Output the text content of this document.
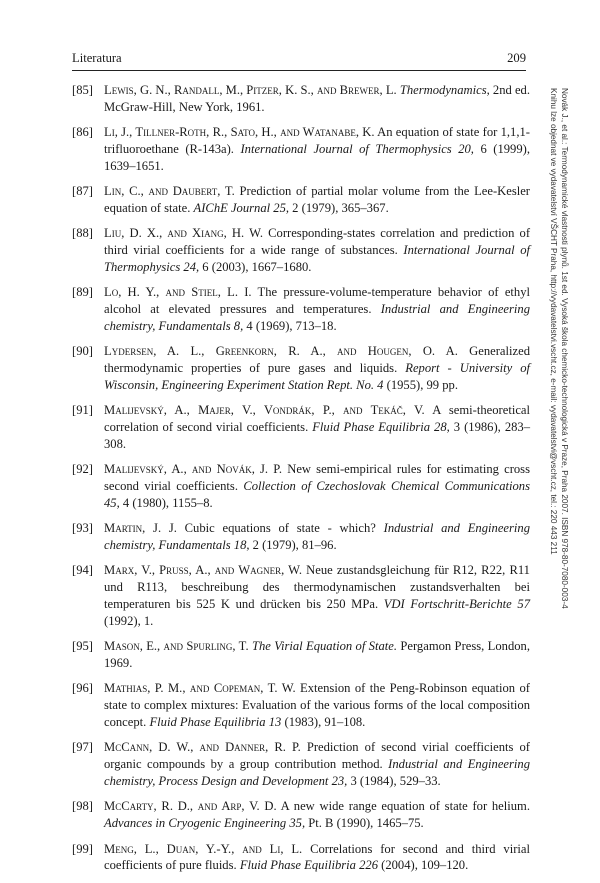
Literatura	209
[85] Lewis, G. N., Randall, M., Pitzer, K. S., and Brewer, L. Thermodynamics, 2nd ed. McGraw-Hill, New York, 1961.
[86] Li, J., Tillner-Roth, R., Sato, H., and Watanabe, K. An equation of state for 1,1,1-trifluoroethane (R-143a). International Journal of Thermophysics 20, 6 (1999), 1639–1651.
[87] Lin, C., and Daubert, T. Prediction of partial molar volume from the Lee-Kesler equation of state. AIChE Journal 25, 2 (1979), 365–367.
[88] Liu, D. X., and Xiang, H. W. Corresponding-states correlation and prediction of third virial coefficients for a wide range of substances. International Journal of Thermophysics 24, 6 (2003), 1667–1680.
[89] Lo, H. Y., and Stiel, L. I. The pressure-volume-temperature behavior of ethyl alcohol at elevated pressures and temperatures. Industrial and Engineering chemistry, Fundamentals 8, 4 (1969), 713–18.
[90] Lydersen, A. L., Greenkorn, R. A., and Hougen, O. A. Generalized thermodynamic properties of pure gases and liquids. Report - University of Wisconsin, Engineering Experiment Station Rept. No. 4 (1955), 99 pp.
[91] Malijevský, A., Majer, V., Vondrák, P., and Tekáč, V. A semi-theoretical correlation of second virial coefficients. Fluid Phase Equilibria 28, 3 (1986), 283–308.
[92] Malijevský, A., and Novák, J. P. New semi-empirical rules for estimating cross second virial coefficients. Collection of Czechoslovak Chemical Communications 45, 4 (1980), 1155–8.
[93] Martin, J. J. Cubic equations of state - which? Industrial and Engineering chemistry, Fundamentals 18, 2 (1979), 81–96.
[94] Marx, V., Pruss, A., and Wagner, W. Neue zustandsgleichung für R12, R22, R11 und R113, beschreibung des thermodynamischen zustandsverhalten bei temperaturen bis 525 K und drücken bis 250 MPa. VDI Fortschritt-Berichte 57 (1992), 1.
[95] Mason, E., and Spurling, T. The Virial Equation of State. Pergamon Press, London, 1969.
[96] Mathias, P. M., and Copeman, T. W. Extension of the Peng-Robinson equation of state to complex mixtures: Evaluation of the various forms of the local composition concept. Fluid Phase Equilibria 13 (1983), 91–108.
[97] McCann, D. W., and Danner, R. P. Prediction of second virial coefficients of organic compounds by a group contribution method. Industrial and Engineering chemistry, Process Design and Development 23, 3 (1984), 529–33.
[98] McCarty, R. D., and Arp, V. D. A new wide range equation of state for helium. Advances in Cryogenic Engineering 35, Pt. B (1990), 1465–75.
[99] Meng, L., Duan, Y.-Y., and Li, L. Correlations for second and third virial coefficients of pure fluids. Fluid Phase Equilibria 226 (2004), 109–120.
Novák J., et al.: Termodynamické vlastnosti plynů. 1st ed. Vysoká škola chemicko-technologická v Praze, Praha 2007. ISBN 978-80-7080-003-4
Knihu lze objednat ve vydavatelství VŠCHT Praha, http://vydavatelstvi.vscht.cz, e-mail: vydavatelstvi@vscht.cz, tel.: 220 443 211
